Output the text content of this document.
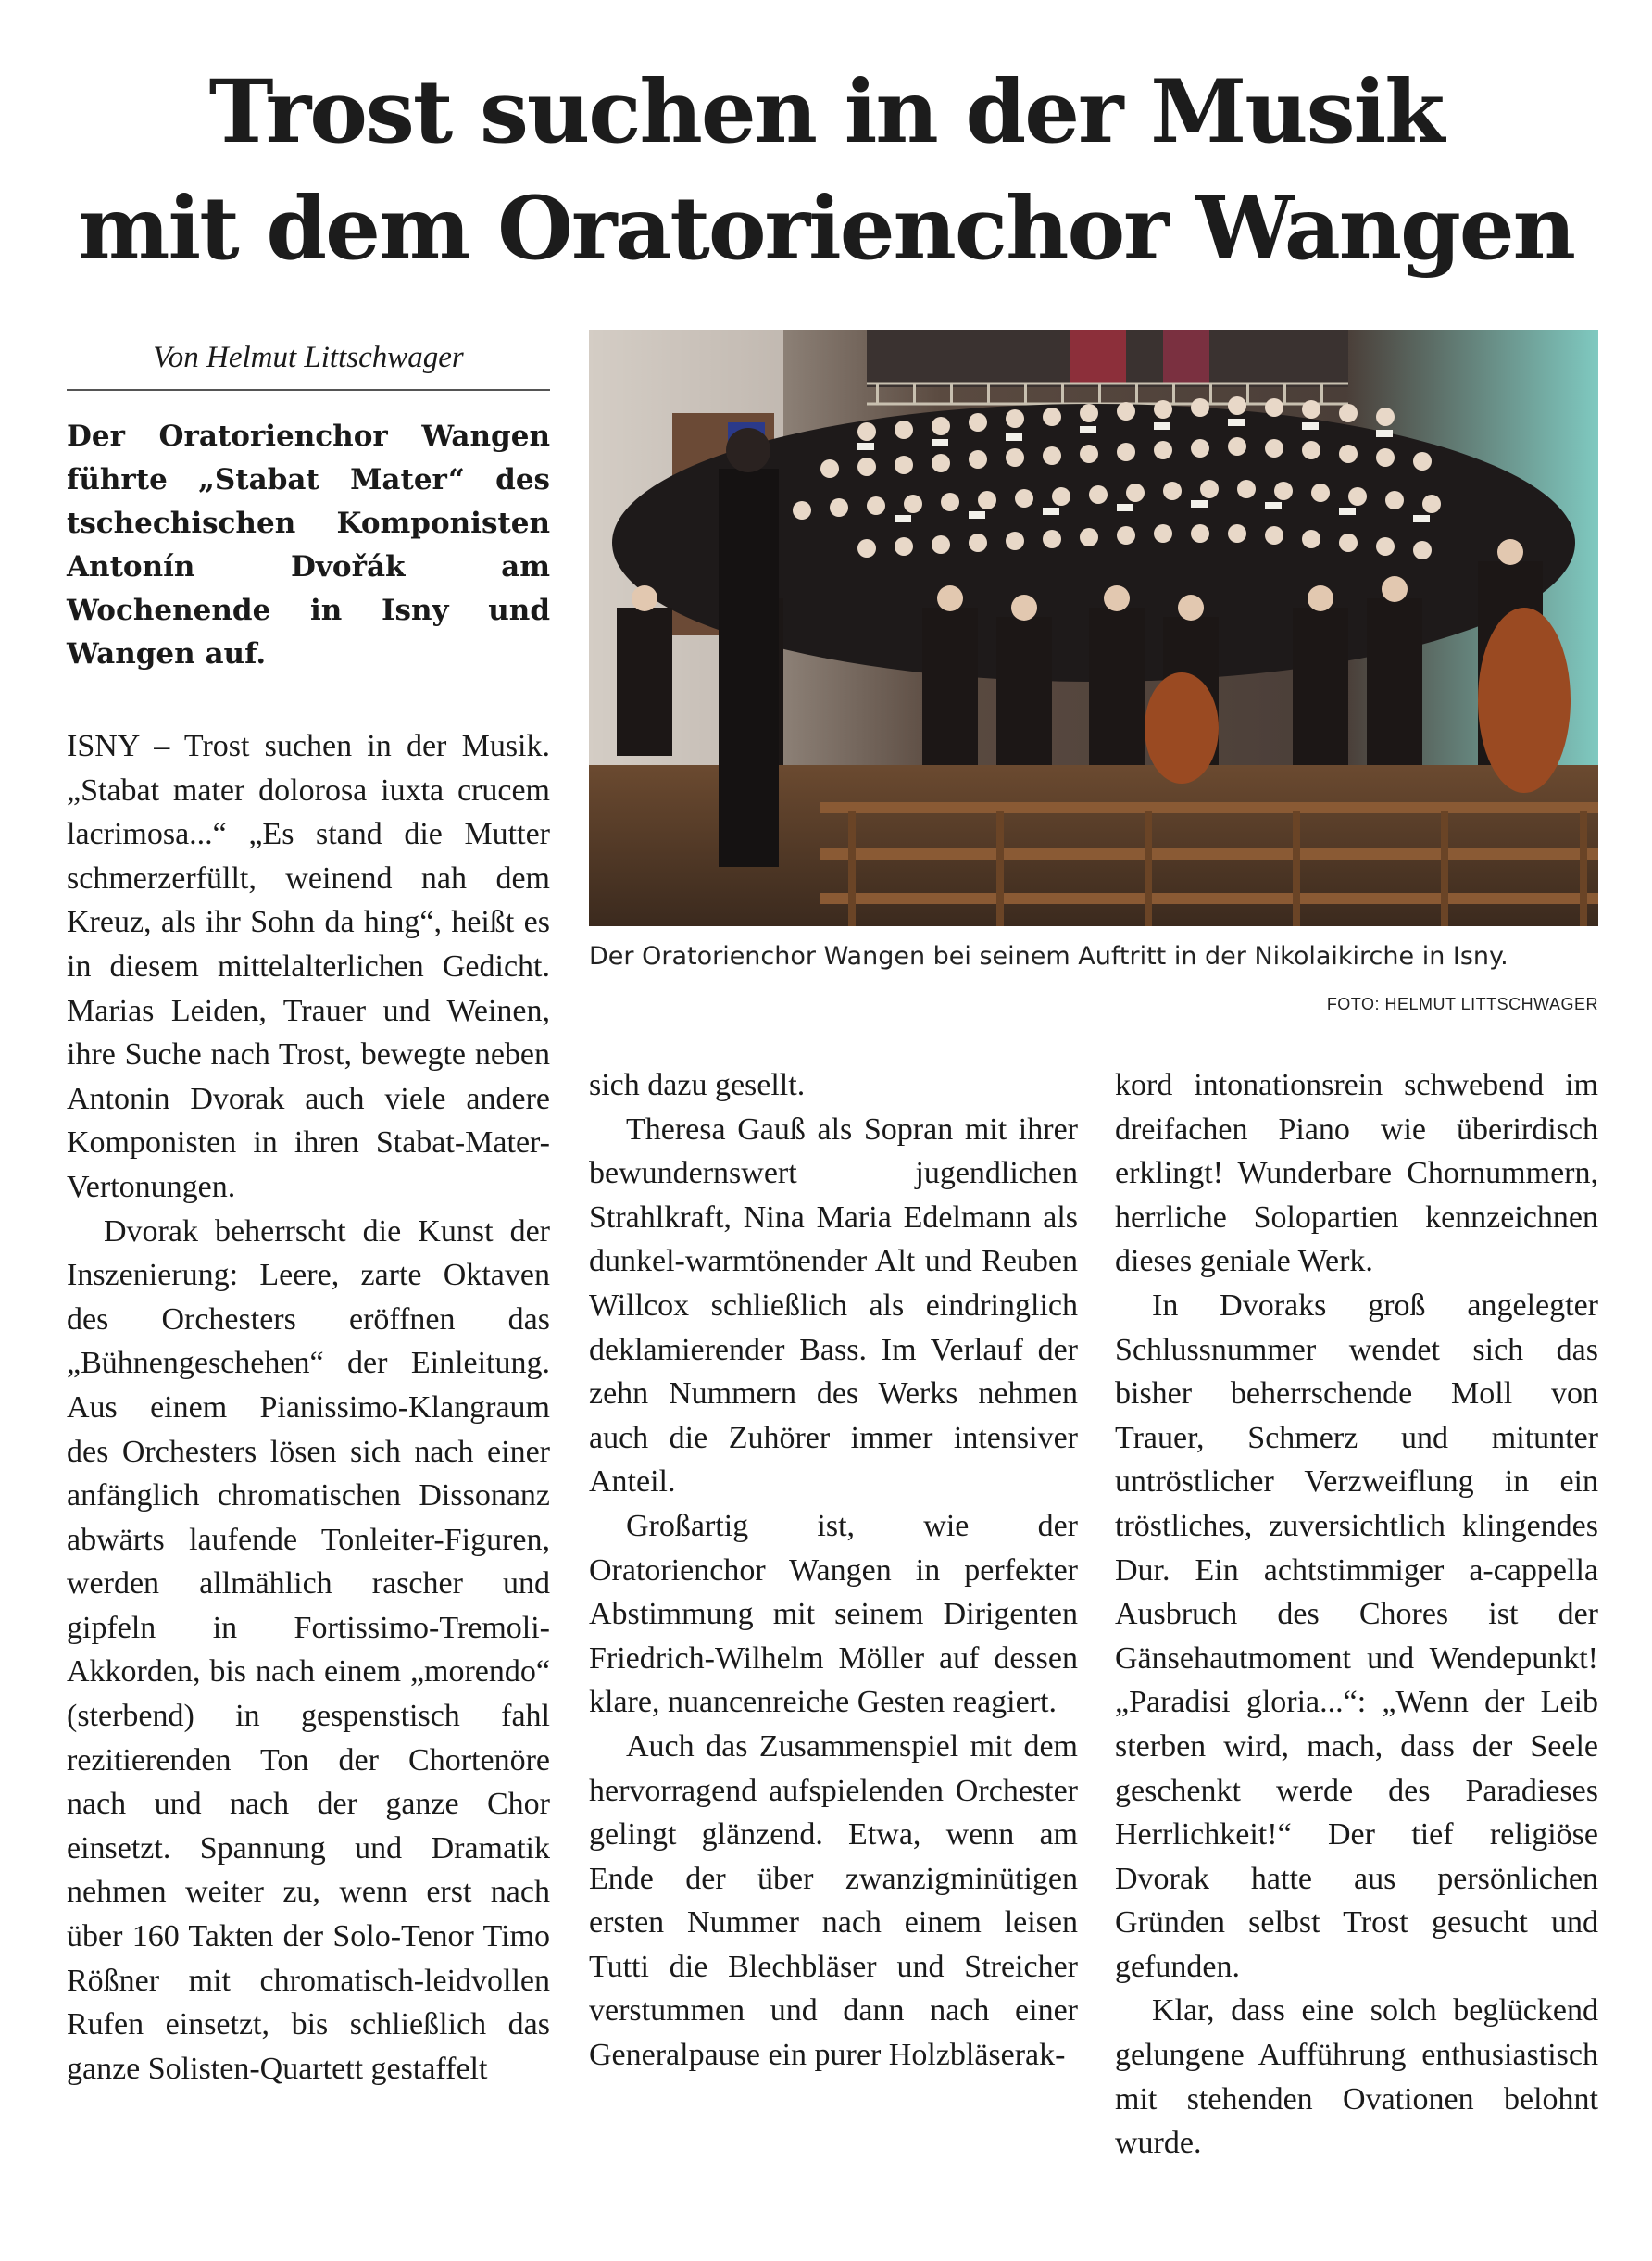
Trost suchen in der Musik
mit dem Oratorienchor Wangen
Von Helmut Littschwager
Der Oratorienchor Wangen führte „Stabat Mater“ des tschechischen Komponisten Antonín Dvořák am Wochenende in Isny und Wangen auf.

ISNY – Trost suchen in der Musik. „Stabat mater dolorosa iuxta crucem lacrimosa...“ „Es stand die Mutter schmerzerfüllt, weinend nah dem Kreuz, als ihr Sohn da hing“, heißt es in diesem mittelalterlichen Gedicht. Marias Leiden, Trauer und Weinen, ihre Suche nach Trost, bewegte neben Antonin Dvorak auch viele andere Komponisten in ihren Stabat-Mater-Vertonungen.

Dvorak beherrscht die Kunst der Inszenierung: Leere, zarte Oktaven des Orchesters eröffnen das „Bühnengeschehen“ der Einleitung. Aus einem Pianissimo-Klangraum des Orchesters lösen sich nach einer anfänglich chromatischen Dissonanz abwärts laufende Tonleiter-Figuren, werden allmählich rascher und gipfeln in Fortissimo-Tremoli-Akkorden, bis nach einem „morendo“ (sterbend) in gespenstisch fahl rezitierenden Ton der Chortenöre nach und nach der ganze Chor einsetzt. Spannung und Dramatik nehmen weiter zu, wenn erst nach über 160 Takten der Solo-Tenor Timo Rößner mit chromatisch-leidvollen Rufen einsetzt, bis schließlich das ganze Solisten-Quartett gestaffelt

Der Oratorienchor Wangen bei seinem Auftritt in der Nikolaikirche in Isny.
FOTO: HELMUT LITTSCHWAGER

sich dazu gesellt.

Theresa Gauß als Sopran mit ihrer bewundernswert jugendlichen Strahlkraft, Nina Maria Edelmann als dunkel-warmtönender Alt und Reuben Willcox schließlich als eindringlich deklamierender Bass. Im Verlauf der zehn Nummern des Werks nehmen auch die Zuhörer immer intensiver Anteil.

Großartig ist, wie der Oratorienchor Wangen in perfekter Abstimmung mit seinem Dirigenten Friedrich-Wilhelm Möller auf dessen klare, nuancenreiche Gesten reagiert.

Auch das Zusammenspiel mit dem hervorragend aufspielenden Orchester gelingt glänzend. Etwa, wenn am Ende der über zwanzigminütigen ersten Nummer nach einem leisen Tutti die Blechbläser und Streicher verstummen und dann nach einer Generalpause ein purer Holzbläserak-

kord intonationsrein schwebend im dreifachen Piano wie überirdisch erklingt! Wunderbare Chornummern, herrliche Solopartien kennzeichnen dieses geniale Werk.

In Dvoraks groß angelegter Schlussnummer wendet sich das bisher beherrschende Moll von Trauer, Schmerz und mitunter untröstlicher Verzweiflung in ein tröstliches, zuversichtlich klingendes Dur. Ein achtstimmiger a-cappella Ausbruch des Chores ist der Gänsehautmoment und Wendepunkt! „Paradisi gloria...“: „Wenn der Leib sterben wird, mach, dass der Seele geschenkt werde des Paradieses Herrlichkeit!“ Der tief religiöse Dvorak hatte aus persönlichen Gründen selbst Trost gesucht und gefunden.

Klar, dass eine solch beglückend gelungene Aufführung enthusiastisch mit stehenden Ovationen belohnt wurde.
